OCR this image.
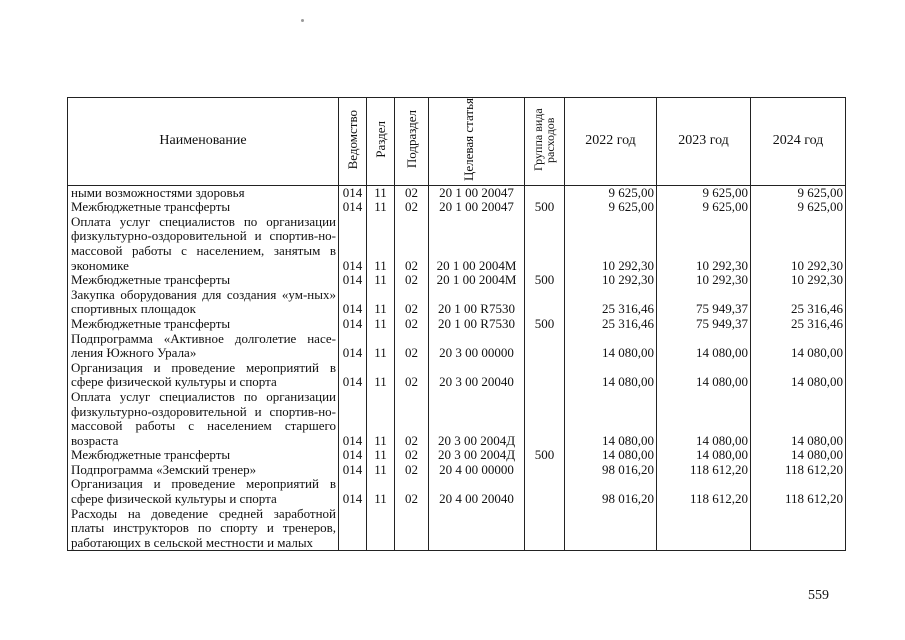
Наименование	Ведомство	Раздел	Подраздел	Целевая статья	Группа вида расходов	2022 год	2023 год	2024 год
ными возможностями здоровья	014	11	02	20 1 00 20047		9 625,00	9 625,00	9 625,00
Межбюджетные трансферты	014	11	02	20 1 00 20047	500	9 625,00	9 625,00	9 625,00
Оплата услуг специалистов по организации физкультурно-оздоровительной и спортив-но-массовой работы с населением, занятым в экономике	014	11	02	20 1 00 2004М		10 292,30	10 292,30	10 292,30
Межбюджетные трансферты	014	11	02	20 1 00 2004М	500	10 292,30	10 292,30	10 292,30
Закупка оборудования для создания «ум-ных» спортивных площадок	014	11	02	20 1 00 R7530		25 316,46	75 949,37	25 316,46
Межбюджетные трансферты	014	11	02	20 1 00 R7530	500	25 316,46	75 949,37	25 316,46
Подпрограмма «Активное долголетие насе-ления Южного Урала»	014	11	02	20 3 00 00000		14 080,00	14 080,00	14 080,00
Организация и проведение мероприятий в сфере физической культуры и спорта	014	11	02	20 3 00 20040		14 080,00	14 080,00	14 080,00
Оплата услуг специалистов по организации физкультурно-оздоровительной и спортив-но-массовой работы с населением старшего возраста	014	11	02	20 3 00 2004Д		14 080,00	14 080,00	14 080,00
Межбюджетные трансферты	014	11	02	20 3 00 2004Д	500	14 080,00	14 080,00	14 080,00
Подпрограмма «Земский тренер»	014	11	02	20 4 00 00000		98 016,20	118 612,20	118 612,20
Организация и проведение мероприятий в сфере физической культуры и спорта	014	11	02	20 4 00 20040		98 016,20	118 612,20	118 612,20
Расходы на доведение средней заработной платы инструкторов по спорту и тренеров, работающих в сельской местности и малых								
559
